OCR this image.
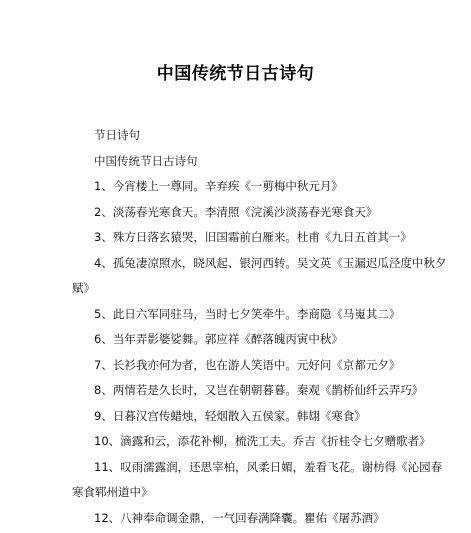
中国传统节日古诗句
节日诗句
中国传统节日古诗句
1、今宵楼上一尊同。辛弃疾《一剪梅中秋元月》
2、淡荡春光寒食天。李清照《浣溪沙淡荡春光寒食天》
3、殊方日落玄猿哭，旧国霜前白雁来。杜甫《九日五首其一》
4、孤兔凄凉照水，晓风起、银河西转。吴文英《玉漏迟瓜泾度中秋夕赋》
5、此日六军同驻马，当时七夕笑牵牛。李商隐《马嵬其二》
6、当年弄影婆娑舞。郭应祥《醉落魄丙寅中秋》
7、长衫我亦何为者，也在游人笑语中。元好问《京都元夕》
8、两情若是久长时，又岂在朝朝暮暮。秦观《鹊桥仙纤云弄巧》
9、日暮汉宫传蜡烛，轻烟散入五侯家。韩翃《寒食》
10、滴露和云，添花补柳，梳洗工夫。乔吉《折桂令七夕赠歌者》
11、叹雨濡露润，还思宰柏，风柔日媚，羞看飞花。谢枋得《沁园春寒食郓州道中》
12、八神奉命调金鼎，一气回春满降囊。瞿佑《屠苏酒》
